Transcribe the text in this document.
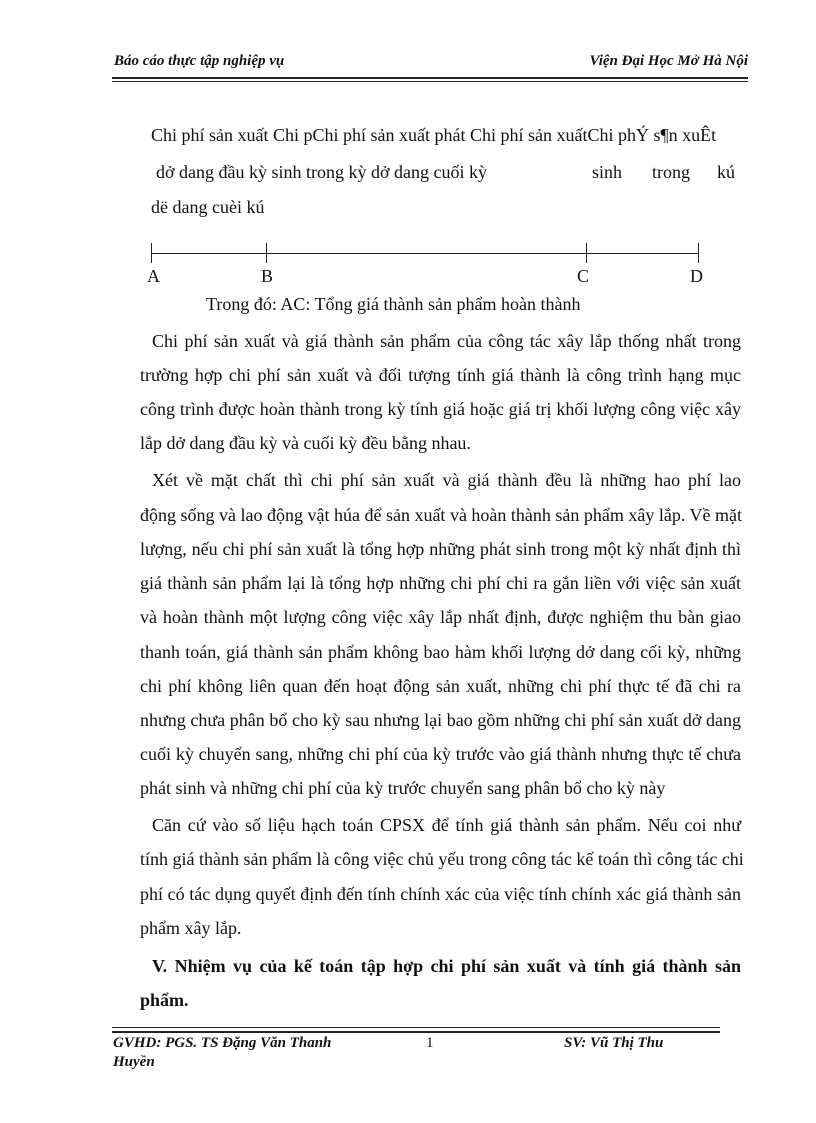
Báo cáo thực tập nghiệp vụ	Viện Đại Học Mở Hà Nội
Chi phí sản xuất Chi pChi phí sản xuất phát Chi phí sản xuấtChi phÝ s¶n xuÊt
dở dang đầu kỳ sinh trong kỳ dở dang cuối kỳ	sinh trong kú
dë dang cuèi kú
A	B	C	D
Trong đó: AC: Tổng giá thành sản phẩm hoàn thành
Chi phí sản xuất và giá thành sản phẩm của công tác xây lắp thống nhất trong
trường hợp chi phí sản xuất và đối tượng tính giá thành là công trình hạng mục
công trình được hoàn thành trong kỳ tính giá hoặc giá trị khối lượng công việc xây
lắp dở dang đầu kỳ và cuối kỳ đều bằng nhau.
Xét về mặt chất thì chi phí sản xuất và giá thành đều là những hao phí lao
động sống và lao động vật húa để sản xuất và hoàn thành sản phẩm xây lắp. Về mặt
lượng, nếu chi phí sản xuất là tổng hợp những phát sinh trong một kỳ nhất định thì
giá thành sản phẩm lại là tổng hợp những chi phí chi ra gắn liền với việc sản xuất
và hoàn thành một lượng công việc xây lắp nhất định, được nghiệm thu bàn giao
thanh toán, giá thành sản phẩm không bao hàm khối lượng dở dang cối kỳ, những
chi phí không liên quan đến hoạt động sản xuất, những chi phí thực tế đã chi ra
nhưng chưa phân bổ cho kỳ sau nhưng lại bao gồm những chi phí sản xuất dở dang
cuối kỳ chuyển sang, những chi phí của kỳ trước vào giá thành nhưng thực tế chưa
phát sinh và những chi phí của kỳ trước chuyển sang phân bổ cho kỳ này
Căn cứ vào số liệu hạch toán CPSX để tính giá thành sản phẩm. Nếu coi như
tính giá thành sản phẩm là công việc chủ yếu trong công tác kế toán thì công tác chi
phí có tác dụng quyết định đến tính chính xác của việc tính chính xác giá thành sản
phẩm xây lắp.
V. Nhiệm vụ của kế toán tập hợp chi phí sản xuất và tính giá thành sản
phẩm.
GVHD: PGS. TS Đặng Văn Thanh
Huyền
1	SV: Vũ Thị Thu
